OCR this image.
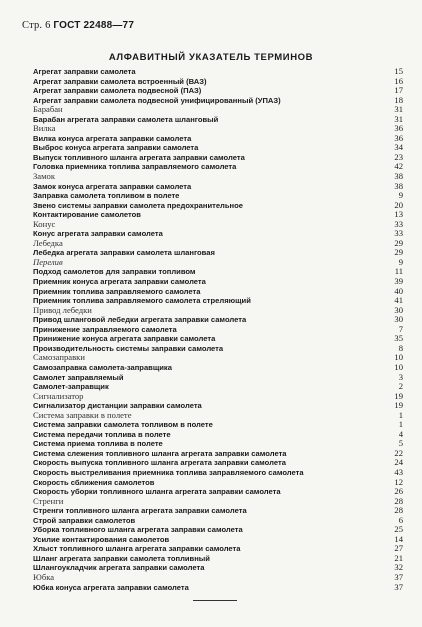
Стр. 6 ГОСТ 22488—77
АЛФАВИТНЫЙ УКАЗАТЕЛЬ ТЕРМИНОВ
Агрегат заправки самолета	15
Агрегат заправки самолета встроенный (ВАЗ)	16
Агрегат заправки самолета подвесной (ПАЗ)	17
Агрегат заправки самолета подвесной унифицированный (УПАЗ)	18
Барабан	31
Барабан агрегата заправки самолета шланговый	31
Вилка	36
Вилка конуса агрегата заправки самолета	36
Выброс конуса агрегата заправки самолета	34
Выпуск топливного шланга агрегата заправки самолета	23
Головка приемника топлива заправляемого самолета	42
Замок	38
Замок конуса агрегата заправки самолета	38
Заправка самолета топливом в полете	9
Звено системы заправки самолета предохранительное	20
Контактирование самолетов	13
Конус	33
Конус агрегата заправки самолета	33
Лебедка	29
Лебедка агрегата заправки самолета шланговая	29
Перелив	9
Подход самолетов для заправки топливом	11
Приемник конуса агрегата заправки самолета	39
Приемник топлива заправляемого самолета	40
Приемник топлива заправляемого самолета стреляющий	41
Привод лебедки	30
Привод шланговой лебедки агрегата заправки самолета	30
Принижение заправляемого самолета	7
Принижение конуса агрегата заправки самолета	35
Производительность системы заправки самолета	8
Самозаправки	10
Самозаправка самолета-заправщика	10
Самолет заправляемый	3
Самолет-заправщик	2
Сигнализатор	19
Сигнализатор дистанции заправки самолета	19
Система заправки в полете	1
Система заправки самолета топливом в полете	1
Система передачи топлива в полете	4
Система приема топлива в полете	5
Система слежения топливного шланга агрегата заправки самолета	22
Скорость выпуска топливного шланга агрегата заправки самолета	24
Скорость выстреливания приемника топлива заправляемого самолета	43
Скорость сближения самолетов	12
Скорость уборки топливного шланга агрегата заправки самолета	26
Стренги	28
Стренги топливного шланга агрегата заправки самолета	28
Строй заправки самолетов	6
Уборка топливного шланга агрегата заправки самолета	25
Усилие контактирования самолетов	14
Хлыст топливного шланга агрегата заправки самолета	27
Шланг агрегата заправки самолета топливный	21
Шлангоукладчик агрегата заправки самолета	32
Юбка	37
Юбка конуса агрегата заправки самолета	37
